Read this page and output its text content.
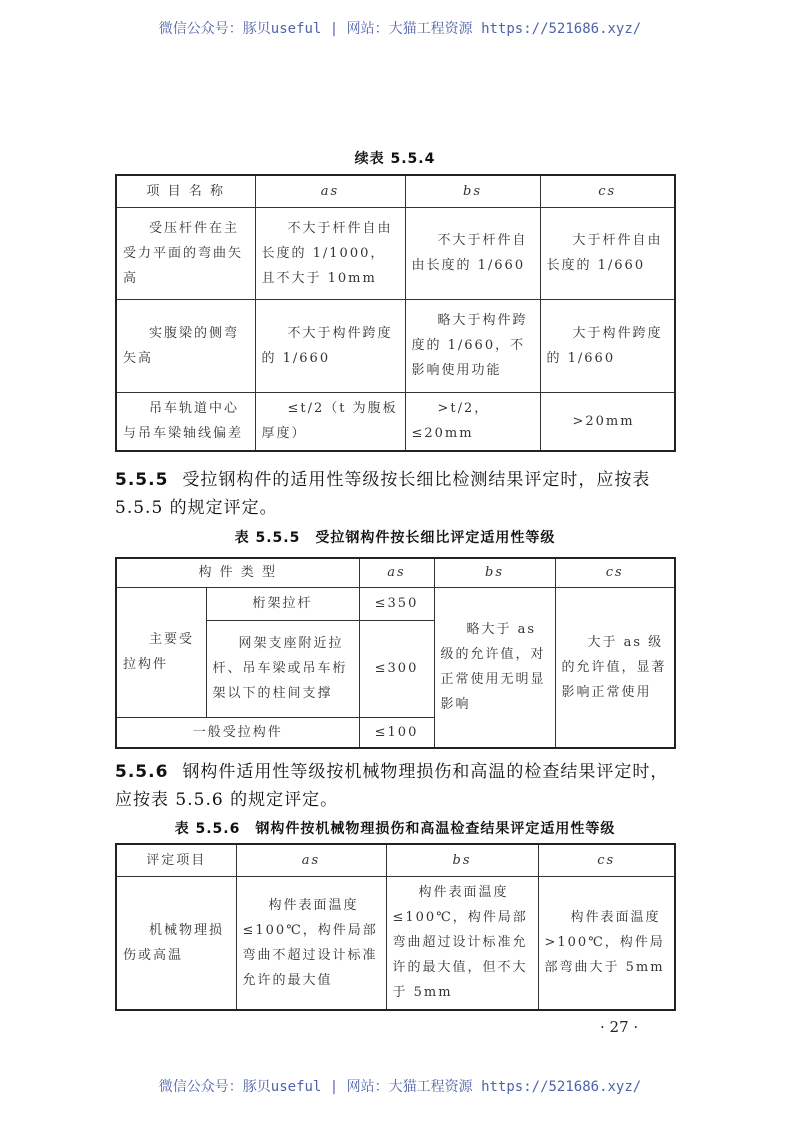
微信公众号：豚贝useful | 网站：大猫工程资源 https://521686.xyz/
续表 5.5.4
项 目 名 称	as	bs	cs
受压杆件在主受力平面的弯曲矢高	不大于杆件自由长度的 1/1000，且不大于 10mm	不大于杆件自由长度的 1/660	大于杆件自由长度的 1/660
实腹梁的侧弯矢高	不大于构件跨度的 1/660	略大于构件跨度的 1/660，不影响使用功能	大于构件跨度的 1/660
吊车轨道中心与吊车梁轴线偏差	≤t/2（t 为腹板厚度）	>t/2，≤20mm	>20mm
5.5.5 受拉钢构件的适用性等级按长细比检测结果评定时，应按表 5.5.5 的规定评定。
表 5.5.5　受拉钢构件按长细比评定适用性等级
构 件 类 型		as	bs	cs
主要受拉构件	桁架拉杆	≤350	略大于 as 级的允许值，对正常使用无明显影响	大于 as 级的允许值，显著影响正常使用
	网架支座附近拉杆、吊车梁或吊车桁架以下的柱间支撑	≤300		
一般受拉构件		≤100		
5.5.6 钢构件适用性等级按机械物理损伤和高温的检查结果评定时，应按表 5.5.6 的规定评定。
表 5.5.6　钢构件按机械物理损伤和高温检查结果评定适用性等级
评定项目	as	bs	cs
机械物理损伤或高温	构件表面温度≤100℃，构件局部弯曲不超过设计标准允许的最大值	构件表面温度≤100℃，构件局部弯曲超过设计标准允许的最大值，但不大于 5mm	构件表面温度>100℃，构件局部弯曲大于 5mm
· 27 ·
微信公众号：豚贝useful | 网站：大猫工程资源 https://521686.xyz/
